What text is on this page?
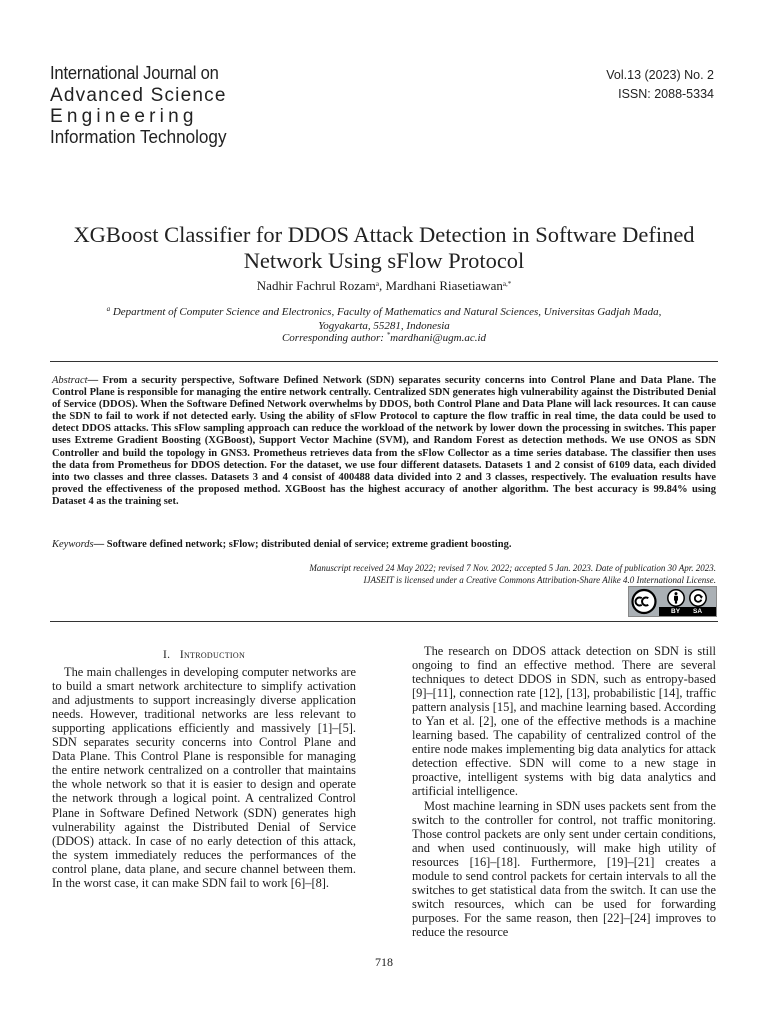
International Journal on
Advanced Science
Engineering
Information Technology
Vol.13 (2023) No. 2
ISSN: 2088-5334
XGBoost Classifier for DDOS Attack Detection in Software Defined
Network Using sFlow Protocol
Nadhir Fachrul Rozam$^a$, Mardhani Riasetiawan$^{a,*}$
$^a$ Department of Computer Science and Electronics, Faculty of Mathematics and Natural Sciences, Universitas Gadjah Mada, Yogyakarta, 55281, Indonesia
Corresponding author: *mardhani@ugm.ac.id
Abstract— From a security perspective, Software Defined Network (SDN) separates security concerns into Control Plane and Data Plane. The Control Plane is responsible for managing the entire network centrally. Centralized SDN generates high vulnerability against the Distributed Denial of Service (DDOS). When the Software Defined Network overwhelms by DDOS, both Control Plane and Data Plane will lack resources. It can cause the SDN to fail to work if not detected early. Using the ability of sFlow Protocol to capture the flow traffic in real time, the data could be used to detect DDOS attacks. This sFlow sampling approach can reduce the workload of the network by lower down the processing in switches. This paper uses Extreme Gradient Boosting (XGBoost), Support Vector Machine (SVM), and Random Forest as detection methods. We use ONOS as SDN Controller and build the topology in GNS3. Prometheus retrieves data from the sFlow Collector as a time series database. The classifier then uses the data from Prometheus for DDOS detection. For the dataset, we use four different datasets. Datasets 1 and 2 consist of 6109 data, each divided into two classes and three classes. Datasets 3 and 4 consist of 400488 data divided into 2 and 3 classes, respectively. The evaluation results have proved the effectiveness of the proposed method. XGBoost has the highest accuracy of another algorithm. The best accuracy is 99.84% using Dataset 4 as the training set.
Keywords— Software defined network; sFlow; distributed denial of service; extreme gradient boosting.
Manuscript received 24 May 2022; revised 7 Nov. 2022; accepted 5 Jan. 2023. Date of publication 30 Apr. 2023.
IJASEIT is licensed under a Creative Commons Attribution-Share Alike 4.0 International License.
BY SA
I. Introduction

The main challenges in developing computer networks are to build a smart network architecture to simplify activation and adjustments to support increasingly diverse application needs. However, traditional networks are less relevant to supporting applications efficiently and massively [1]–[5]. SDN separates security concerns into Control Plane and Data Plane. This Control Plane is responsible for managing the entire network centralized on a controller that maintains the whole network so that it is easier to design and operate the network through a logical point. A centralized Control Plane in Software Defined Network (SDN) generates high vulnerability against the Distributed Denial of Service (DDOS) attack. In case of no early detection of this attack, the system immediately reduces the performances of the control plane, data plane, and secure channel between them. In the worst case, it can make SDN fail to work [6]–[8].

The research on DDOS attack detection on SDN is still ongoing to find an effective method. There are several techniques to detect DDOS in SDN, such as entropy-based [9]–[11], connection rate [12], [13], probabilistic [14], traffic pattern analysis [15], and machine learning based. According to Yan et al. [2], one of the effective methods is a machine learning based. The capability of centralized control of the entire node makes implementing big data analytics for attack detection effective. SDN will come to a new stage in proactive, intelligent systems with big data analytics and artificial intelligence.

Most machine learning in SDN uses packets sent from the switch to the controller for control, not traffic monitoring. Those control packets are only sent under certain conditions, and when used continuously, will make high utility of resources [16]–[18]. Furthermore, [19]–[21] creates a module to send control packets for certain intervals to all the switches to get statistical data from the switch. It can use the switch resources, which can be used for forwarding purposes. For the same reason, then [22]–[24] improves to reduce the resource

718
